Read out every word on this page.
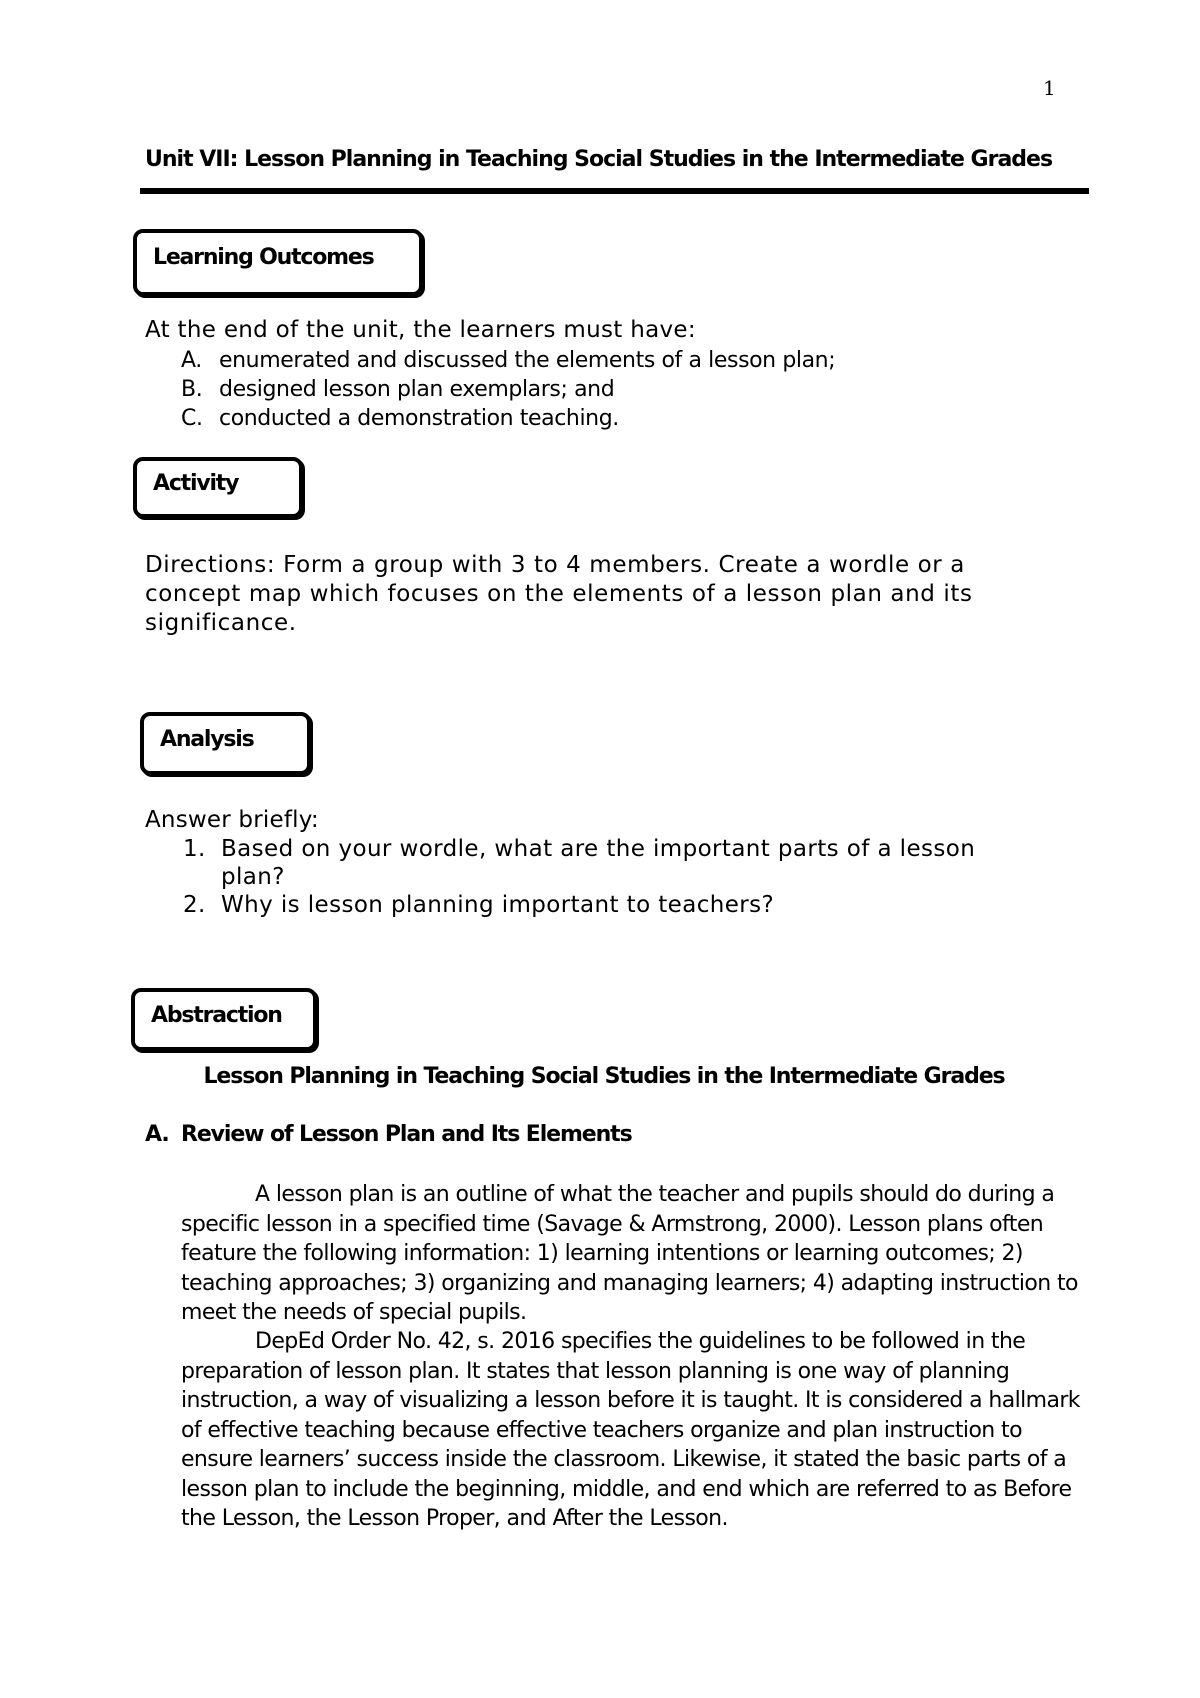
1
Unit VII: Lesson Planning in Teaching Social Studies in the Intermediate Grades
Learning Outcomes
At the end of the unit, the learners must have:
A. enumerated and discussed the elements of a lesson plan;
B. designed lesson plan exemplars; and
C. conducted a demonstration teaching.
Activity
Directions: Form a group with 3 to 4 members. Create a wordle or a concept map which focuses on the elements of a lesson plan and its significance.
Analysis
Answer briefly:
1. Based on your wordle, what are the important parts of a lesson plan?
2. Why is lesson planning important to teachers?
Abstraction
Lesson Planning in Teaching Social Studies in the Intermediate Grades
A. Review of Lesson Plan and Its Elements
A lesson plan is an outline of what the teacher and pupils should do during a specific lesson in a specified time (Savage & Armstrong, 2000). Lesson plans often feature the following information: 1) learning intentions or learning outcomes; 2) teaching approaches; 3) organizing and managing learners; 4) adapting instruction to meet the needs of special pupils.
DepEd Order No. 42, s. 2016 specifies the guidelines to be followed in the preparation of lesson plan. It states that lesson planning is one way of planning instruction, a way of visualizing a lesson before it is taught. It is considered a hallmark of effective teaching because effective teachers organize and plan instruction to ensure learners’ success inside the classroom. Likewise, it stated the basic parts of a lesson plan to include the beginning, middle, and end which are referred to as Before the Lesson, the Lesson Proper, and After the Lesson.
